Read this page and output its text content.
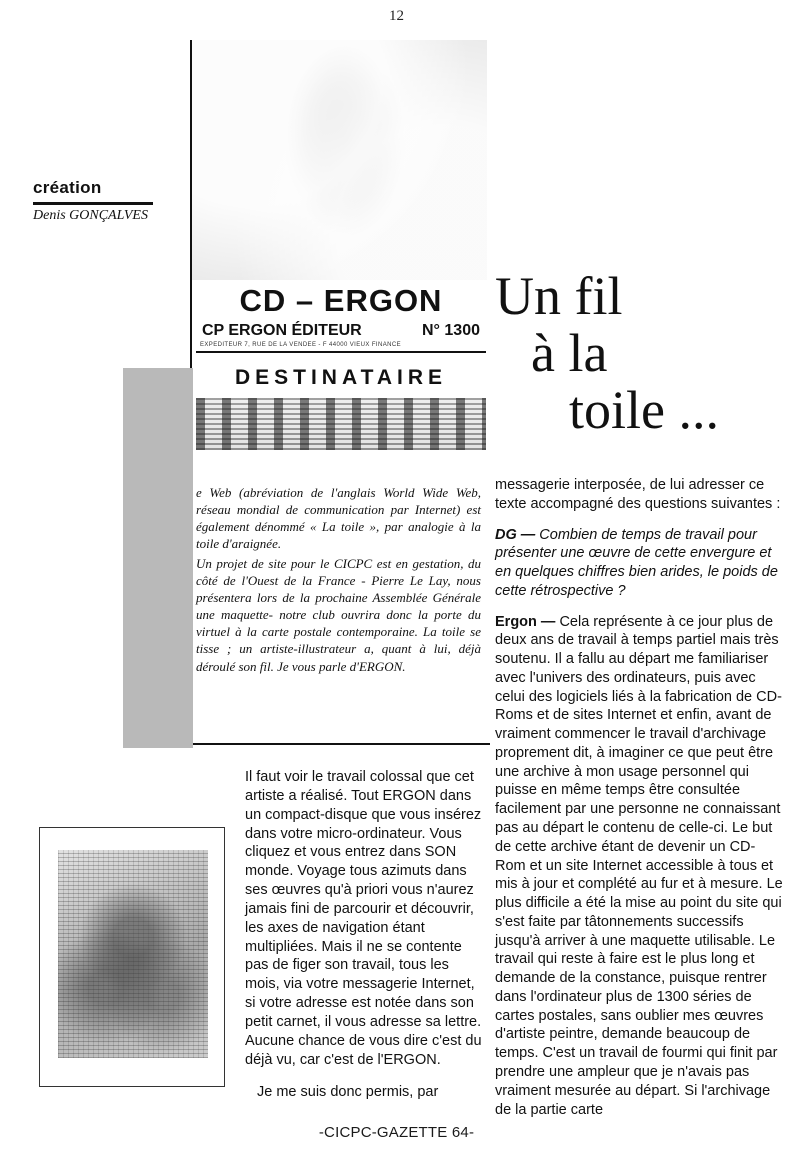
12
création
Denis GONÇALVES
CD – ERGON
CP ERGON ÉDITEUR	N° 1300
EXPEDITEUR 7, RUE DE LA VENDEE - F 44000 VIEUX FINANCE
DESTINATAIRE
Un fil
à la
toile ...

e Web (abréviation de l'anglais World Wide Web, réseau mondial de communication par Internet) est également dénommé « La toile », par analogie à la toile d'araignée.

Un projet de site pour le CICPC est en gestation, du côté de l'Ouest de la France - Pierre Le Lay, nous présentera lors de la prochaine Assemblée Générale une maquette- notre club ouvrira donc la porte du virtuel à la carte postale contemporaine. La toile se tisse ; un artiste-illustrateur a, quant à lui, déjà déroulé son fil. Je vous parle d'ERGON.

Il faut voir le travail colossal que cet artiste a réalisé. Tout ERGON dans un compact-disque que vous insérez dans votre micro-ordinateur. Vous cliquez et vous entrez dans SON monde. Voyage tous azimuts dans ses œuvres qu'à priori vous n'aurez jamais fini de parcourir et découvrir, les axes de navigation étant multipliées. Mais il ne se contente pas de figer son travail, tous les mois, via votre messagerie Internet, si votre adresse est notée dans son petit carnet, il vous adresse sa lettre. Aucune chance de vous dire c'est du déjà vu, car c'est de l'ERGON.

Je me suis donc permis, par

messagerie interposée, de lui adresser ce texte accompagné des questions suivantes :

DG — Combien de temps de travail pour présenter une œuvre de cette envergure et en quelques chiffres bien arides, le poids de cette rétrospective ?

Ergon — Cela représente à ce jour plus de deux ans de travail à temps partiel mais très soutenu. Il a fallu au départ me familiariser avec l'univers des ordinateurs, puis avec celui des logiciels liés à la fabrication de CD-Roms et de sites Internet et enfin, avant de vraiment commencer le travail d'archivage proprement dit, à imaginer ce que peut être une archive à mon usage personnel qui puisse en même temps être consultée facilement par une personne ne connaissant pas au départ le contenu de celle-ci. Le but de cette archive étant de devenir un CD-Rom et un site Internet accessible à tous et mis à jour et complété au fur et à mesure. Le plus difficile a été la mise au point du site qui s'est faite par tâtonnements successifs jusqu'à arriver à une maquette utilisable. Le travail qui reste à faire est le plus long et demande de la constance, puisque rentrer dans l'ordinateur plus de 1300 séries de cartes postales, sans oublier mes œuvres d'artiste peintre, demande beaucoup de temps. C'est un travail de fourmi qui finit par prendre une ampleur que je n'avais pas vraiment mesurée au départ. Si l'archivage de la partie carte

-CICPC-GAZETTE 64-
